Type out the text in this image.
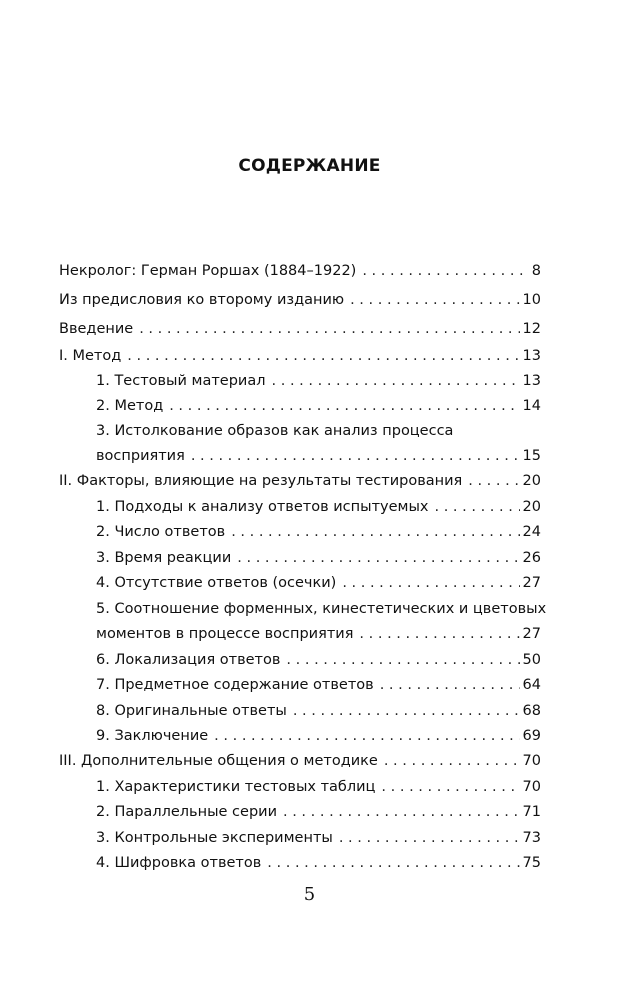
СОДЕРЖАНИЕ
Некролог: Герман Роршах (1884–1922) . . .	8
Из предисловия ко второму изданию . . .	10
Введение . . .	12
I. Метод . . .	13
1. Тестовый материал . . .	13
2. Метод . . .	14
3. Истолкование образов как анализ процесса
восприятия . . .	15
II. Факторы, влияющие на результаты тестирования . . .	20
1. Подходы к анализу ответов испытуемых . . .	20
2. Число ответов . . .	24
3. Время реакции . . .	26
4. Отсутствие ответов (осечки) . . .	27
5. Соотношение форменных, кинестетических и цветовых
моментов в процессе восприятия . . .	27
6. Локализация ответов . . .	50
7. Предметное содержание ответов . . .	64
8. Оригинальные ответы . . .	68
9. Заключение . . .	69
III. Дополнительные общения о методике . . .	70
1. Характеристики тестовых таблиц . . .	70
2. Параллельные серии . . .	71
3. Контрольные эксперименты . . .	73
4. Шифровка ответов . . .	75
5
